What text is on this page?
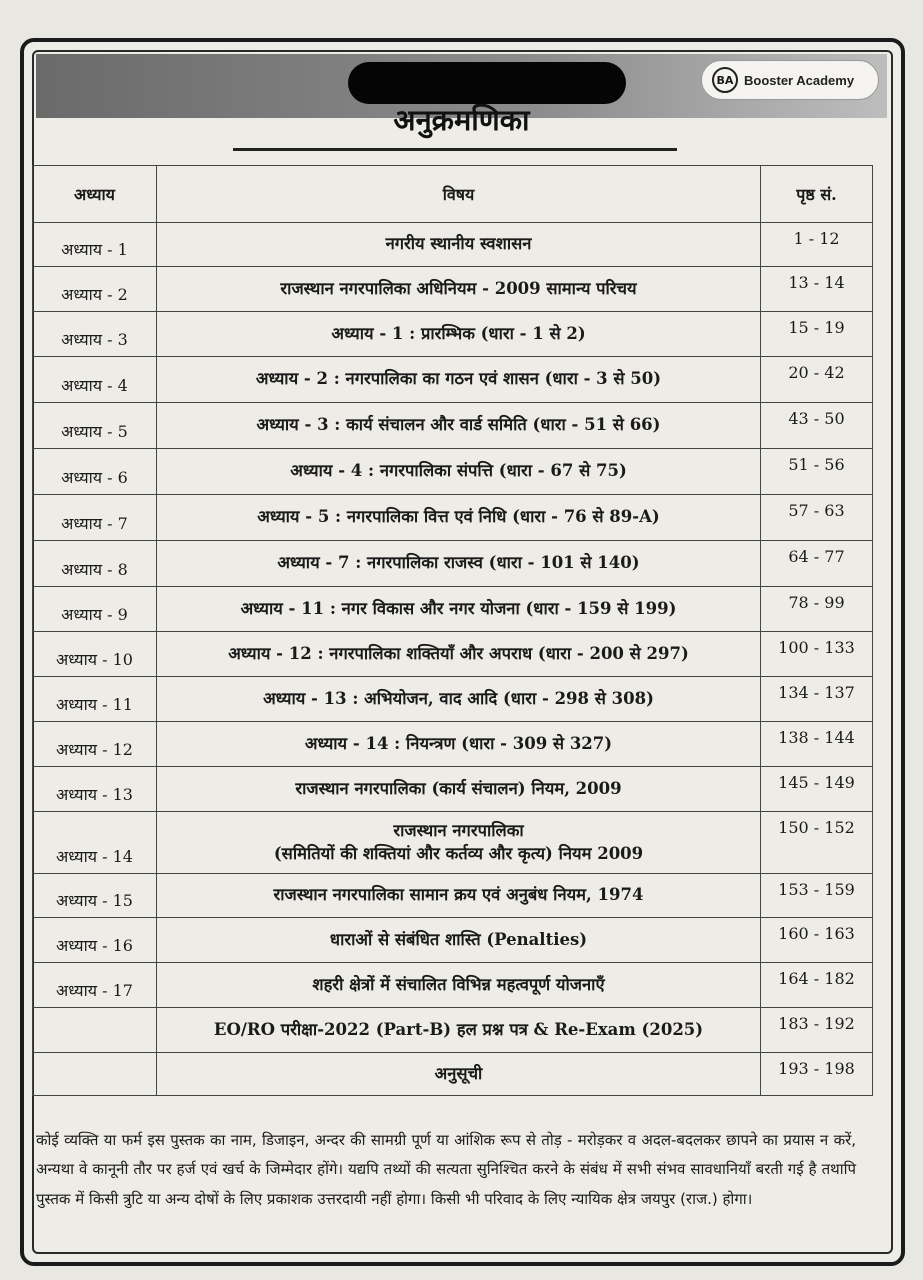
BA Booster Academy
अनुक्रमणिका
अध्याय	विषय	पृष्ठ सं.
अध्याय - 1	नगरीय स्थानीय स्वशासन	1 - 12
अध्याय - 2	राजस्थान नगरपालिका अधिनियम - 2009 सामान्य परिचय	13 - 14
अध्याय - 3	अध्याय - 1 : प्रारम्भिक (धारा - 1 से 2)	15 - 19
अध्याय - 4	अध्याय - 2 : नगरपालिका का गठन एवं शासन (धारा - 3 से 50)	20 - 42
अध्याय - 5	अध्याय - 3 : कार्य संचालन और वार्ड समिति (धारा - 51 से 66)	43 - 50
अध्याय - 6	अध्याय - 4 : नगरपालिका संपत्ति (धारा - 67 से 75)	51 - 56
अध्याय - 7	अध्याय - 5 : नगरपालिका वित्त एवं निधि (धारा - 76 से 89-A)	57 - 63
अध्याय - 8	अध्याय - 7 : नगरपालिका राजस्व (धारा - 101 से 140)	64 - 77
अध्याय - 9	अध्याय - 11 : नगर विकास और नगर योजना (धारा - 159 से 199)	78 - 99
अध्याय - 10	अध्याय - 12 : नगरपालिका शक्तियाँ और अपराध (धारा - 200 से 297)	100 - 133
अध्याय - 11	अध्याय - 13 : अभियोजन, वाद आदि (धारा - 298 से 308)	134 - 137
अध्याय - 12	अध्याय - 14 : नियन्त्रण (धारा - 309 से 327)	138 - 144
अध्याय - 13	राजस्थान नगरपालिका (कार्य संचालन) नियम, 2009	145 - 149
अध्याय - 14	राजस्थान नगरपालिका
(समितियों की शक्तियां और कर्तव्य और कृत्य) नियम 2009	150 - 152
अध्याय - 15	राजस्थान नगरपालिका सामान क्रय एवं अनुबंध नियम, 1974	153 - 159
अध्याय - 16	धाराओं से संबंधित शास्ति (Penalties)	160 - 163
अध्याय - 17	शहरी क्षेत्रों में संचालित विभिन्न महत्वपूर्ण योजनाएँ	164 - 182

	EO/RO परीक्षा-2022 (Part-B) हल प्रश्न पत्र & Re-Exam (2025)	183 - 192

	अनुसूची	193 - 198
कोई व्यक्ति या फर्म इस पुस्तक का नाम, डिजाइन, अन्दर की सामग्री पूर्ण या आंशिक रूप से तोड़ - मरोड़कर व अदल-बदलकर छापने का प्रयास न करें, अन्यथा वे कानूनी तौर पर हर्ज एवं खर्च के जिम्मेदार होंगे। यद्यपि तथ्यों की सत्यता सुनिश्चित करने के संबंध में सभी संभव सावधानियाँ बरती गई है तथापि पुस्तक में किसी त्रुटि या अन्य दोषों के लिए प्रकाशक उत्तरदायी नहीं होगा। किसी भी परिवाद के लिए न्यायिक क्षेत्र जयपुर (राज.) होगा।
